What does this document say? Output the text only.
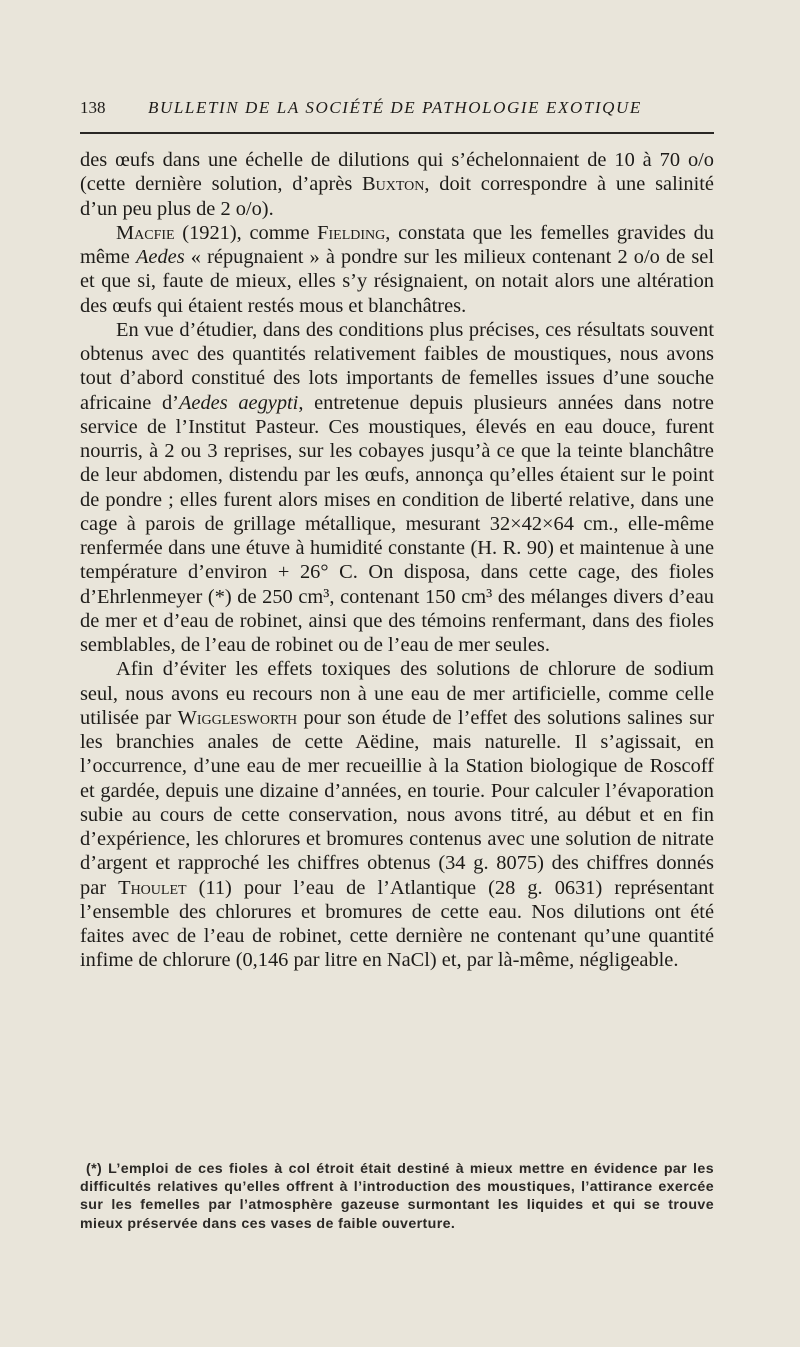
138	BULLETIN DE LA SOCIÉTÉ DE PATHOLOGIE EXOTIQUE

des œufs dans une échelle de dilutions qui s’échelonnaient de 10 à 70 o/o (cette dernière solution, d’après Buxton, doit correspondre à une salinité d’un peu plus de 2 o/o).

Macfie (1921), comme Fielding, constata que les femelles gravides du même Aedes « répugnaient » à pondre sur les milieux contenant 2 o/o de sel et que si, faute de mieux, elles s’y résignaient, on notait alors une altération des œufs qui étaient restés mous et blanchâtres.

En vue d’étudier, dans des conditions plus précises, ces résultats souvent obtenus avec des quantités relativement faibles de moustiques, nous avons tout d’abord constitué des lots importants de femelles issues d’une souche africaine d’Aedes aegypti, entretenue depuis plusieurs années dans notre service de l’Institut Pasteur. Ces moustiques, élevés en eau douce, furent nourris, à 2 ou 3 reprises, sur les cobayes jusqu’à ce que la teinte blanchâtre de leur abdomen, distendu par les œufs, annonça qu’elles étaient sur le point de pondre ; elles furent alors mises en condition de liberté relative, dans une cage à parois de grillage métallique, mesurant 32×42×64 cm., elle-même renfermée dans une étuve à humidité constante (H. R. 90) et maintenue à une température d’environ + 26° C. On disposa, dans cette cage, des fioles d’Ehrlenmeyer (*) de 250 cm³, contenant 150 cm³ des mélanges divers d’eau de mer et d’eau de robinet, ainsi que des témoins renfermant, dans des fioles semblables, de l’eau de robinet ou de l’eau de mer seules.

Afin d’éviter les effets toxiques des solutions de chlorure de sodium seul, nous avons eu recours non à une eau de mer artificielle, comme celle utilisée par Wigglesworth pour son étude de l’effet des solutions salines sur les branchies anales de cette Aëdine, mais naturelle. Il s’agissait, en l’occurrence, d’une eau de mer recueillie à la Station biologique de Roscoff et gardée, depuis une dizaine d’années, en tourie. Pour calculer l’évaporation subie au cours de cette conservation, nous avons titré, au début et en fin d’expérience, les chlorures et bromures contenus avec une solution de nitrate d’argent et rapproché les chiffres obtenus (34 g. 8075) des chiffres donnés par Thoulet (11) pour l’eau de l’Atlantique (28 g. 0631) représentant l’ensemble des chlorures et bromures de cette eau. Nos dilutions ont été faites avec de l’eau de robinet, cette dernière ne contenant qu’une quantité infime de chlorure (0,146 par litre en NaCl) et, par là-même, négligeable.

(*) L’emploi de ces fioles à col étroit était destiné à mieux mettre en évidence par les difficultés relatives qu’elles offrent à l’introduction des moustiques, l’attirance exercée sur les femelles par l’atmosphère gazeuse surmontant les liquides et qui se trouve mieux préservée dans ces vases de faible ouverture.
